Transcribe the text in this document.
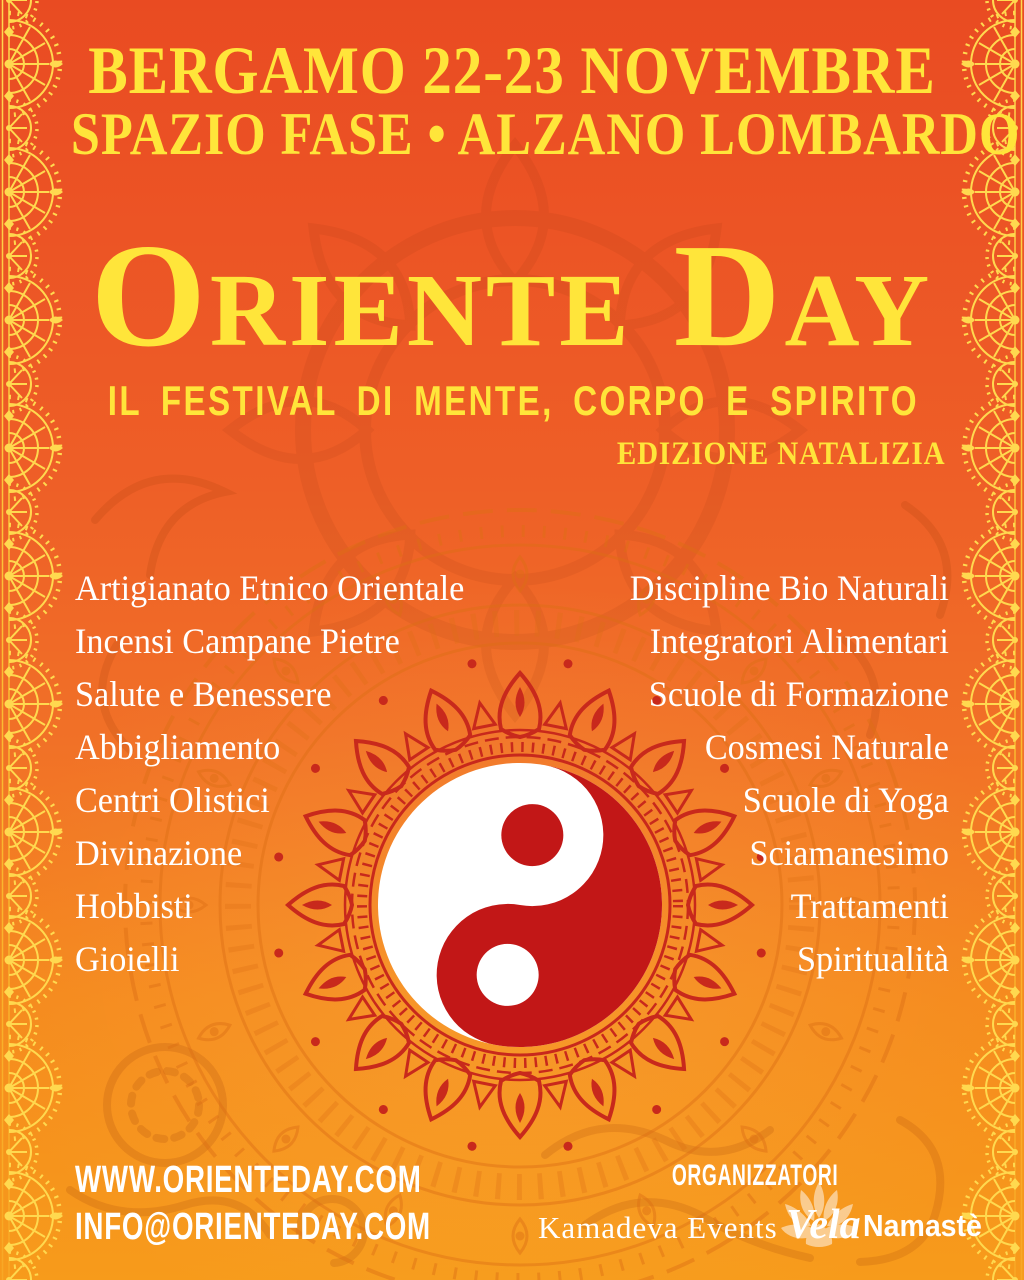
BERGAMO 22-23 NOVEMBRE
SPAZIO FASE • ALZANO LOMBARDO
Oriente Day
IL FESTIVAL DI MENTE, CORPO E SPIRITO
EDIZIONE NATALIZIA
Artigianato Etnico Orientale
Incensi Campane Pietre
Salute e Benessere
Abbigliamento
Centri Olistici
Divinazione
Hobbisti
Gioielli
Discipline Bio Naturali
Integratori Alimentari
Scuole di Formazione
Cosmesi Naturale
Scuole di Yoga
Sciamanesimo
Trattamenti
Spiritualità
WWW.ORIENTEDAY.COM
INFO@ORIENTEDAY.COM
ORGANIZZATORI
Kamadeva Events VelaNamastè
